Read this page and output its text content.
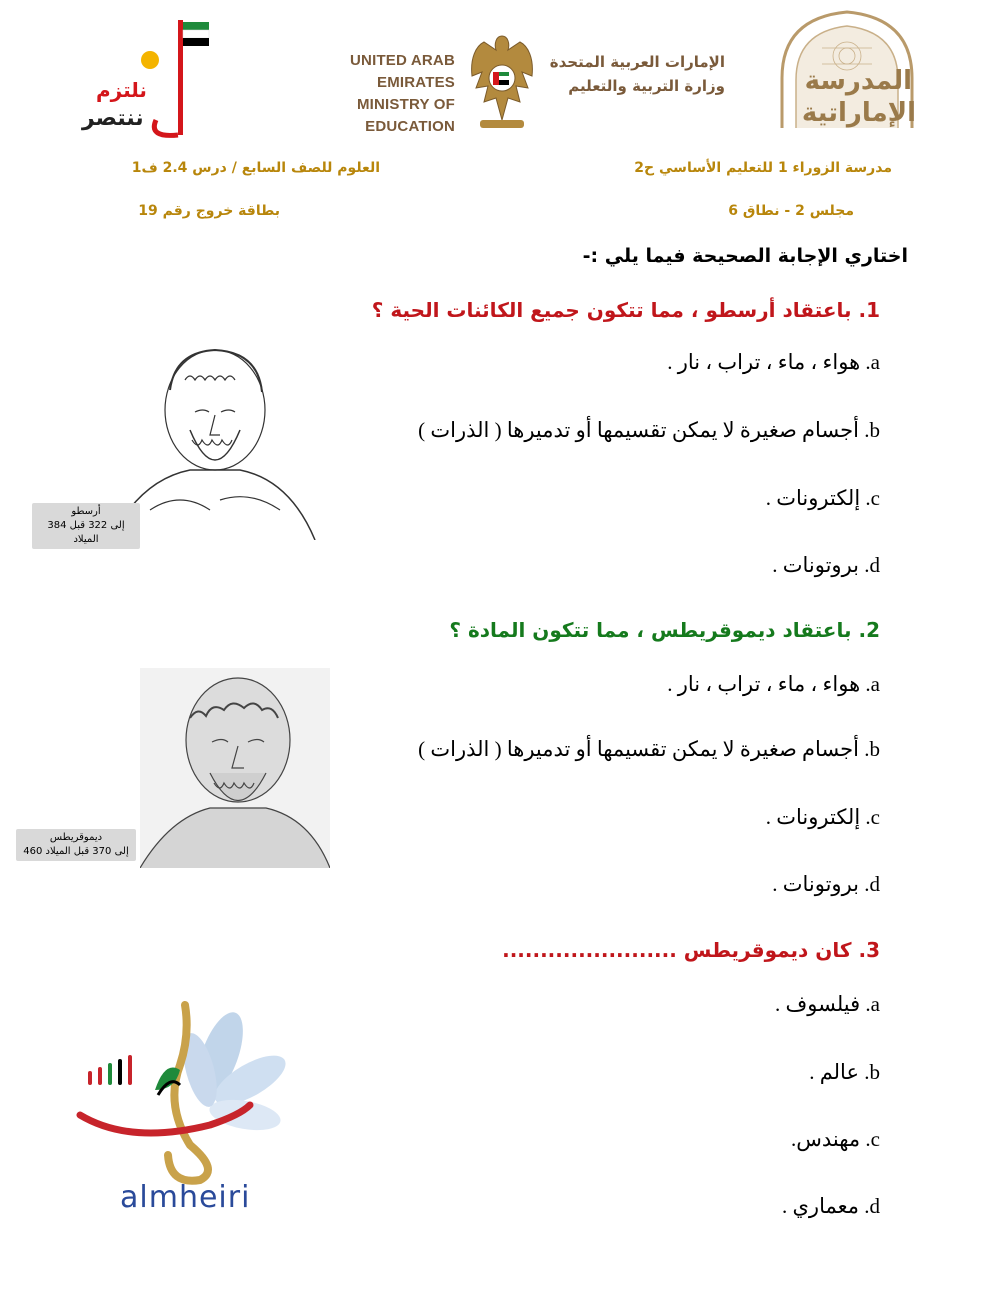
نلتزم
ننتصر
UNITED ARAB EMIRATES
MINISTRY OF EDUCATION
الإمارات العربية المتحدة
وزارة التربية والتعليم	المدرسة
الإماراتية
مدرسة الزوراء 1 للتعليم الأساسي ح2
مجلس 2 - نطاق 6
العلوم للصف السابع / درس 2.4 ف1
بطاقة خروج رقم 19
اختاري الإجابة الصحيحة فيما يلي :-
1. باعتقاد أرسطو ، مما تتكون جميع الكائنات الحية ؟
a. هواء ، ماء ، تراب ، نار .
b. أجسام صغيرة لا يمكن تقسيمها أو تدميرها ( الذرات )
c. إلكترونات .
d. بروتونات .
أرسطو
384 إلى 322 قبل الميلاد
2. باعتقاد ديموقريطس ، مما تتكون المادة ؟
a. هواء ، ماء ، تراب ، نار .
b. أجسام صغيرة لا يمكن تقسيمها أو تدميرها ( الذرات )
c. إلكترونات .
d. بروتونات .
ديموقريطس
460 إلى 370 قبل الميلاد
3. كان ديموقريطس .......................
a. فيلسوف .
b. عالم .
c. مهندس.
d. معماري .
almheiri
